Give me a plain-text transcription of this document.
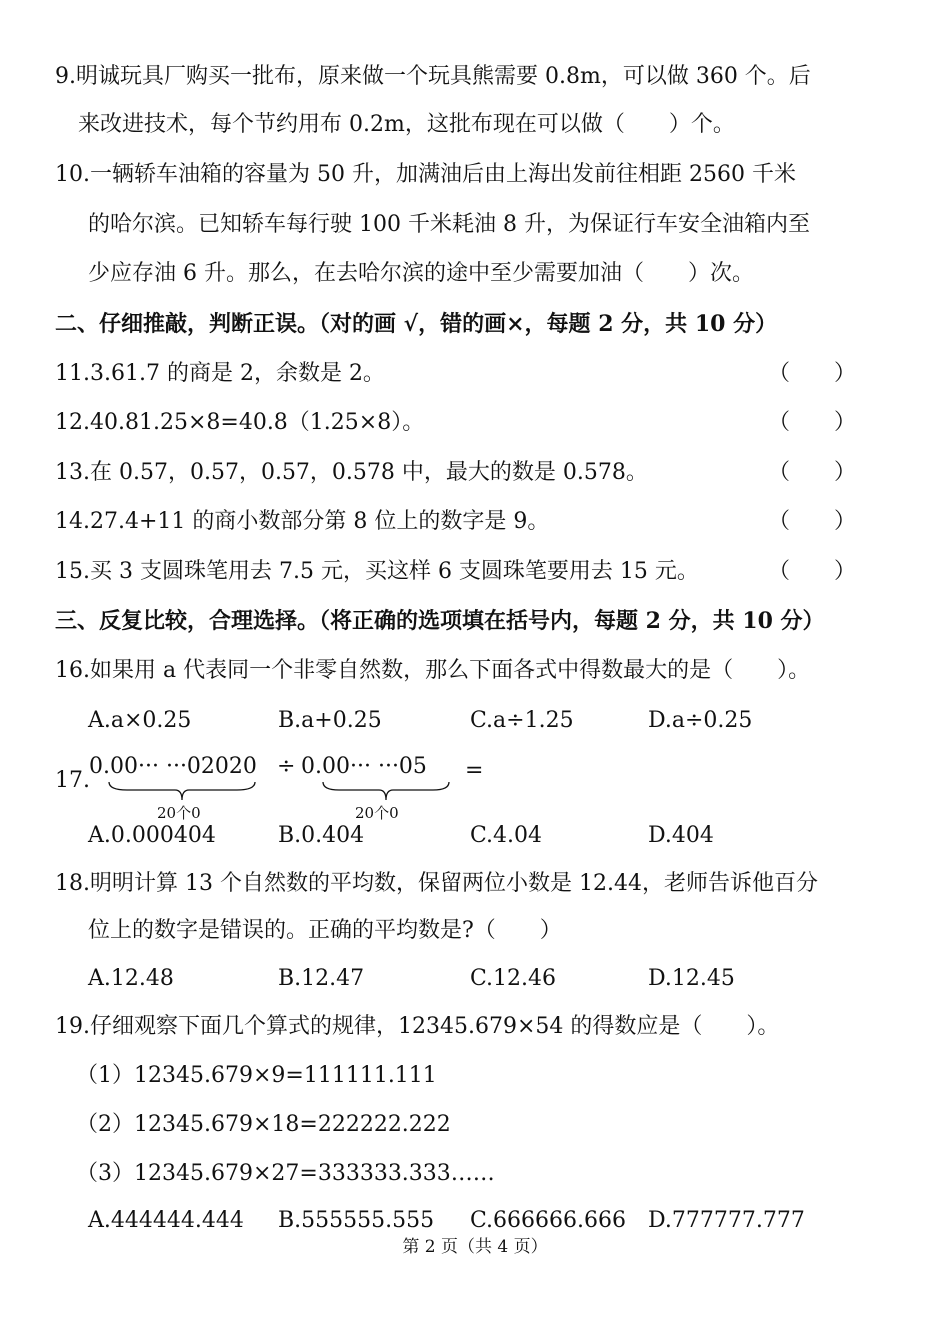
9.明诚玩具厂购买一批布，原来做一个玩具熊需要 0.8m，可以做 360 个。后
来改进技术，每个节约用布 0.2m，这批布现在可以做（　　）个。
10.一辆轿车油箱的容量为 50 升，加满油后由上海出发前往相距 2560 千米
的哈尔滨。已知轿车每行驶 100 千米耗油 8 升，为保证行车安全油箱内至
少应存油 6 升。那么，在去哈尔滨的途中至少需要加油（　　）次。
二、仔细推敲，判断正误。（对的画 √，错的画×，每题 2 分，共 10 分）
11.3.61.7 的商是 2，余数是 2。	（　　）
12.40.81.25×8=40.8（1.25×8）。	（　　）
13.在 0.57，0.57，0.57，0.578 中，最大的数是 0.578。	（　　）
14.27.4+11 的商小数部分第 8 位上的数字是 9。	（　　）
15.买 3 支圆珠笔用去 7.5 元，买这样 6 支圆珠笔要用去 15 元。	（　　）
三、反复比较，合理选择。（将正确的选项填在括号内，每题 2 分，共 10 分）
16.如果用 a 代表同一个非零自然数，那么下面各式中得数最大的是（　　）。
A.a×0.25	B.a+0.25	C.a÷1.25	D.a÷0.25
17.
0.00··· ···02020
20个0
÷ 0.00··· ···05
20个0
=
A.0.000404	B.0.404	C.4.04	D.404
18.明明计算 13 个自然数的平均数，保留两位小数是 12.44，老师告诉他百分
位上的数字是错误的。正确的平均数是?（　　）
A.12.48	B.12.47	C.12.46	D.12.45
19.仔细观察下面几个算式的规律，12345.679×54 的得数应是（　　）。
（1）12345.679×9=111111.111
（2）12345.679×18=222222.222
（3）12345.679×27=333333.333……
A.444444.444 B.555555.555 C.666666.666 D.777777.777
第 2 页（共 4 页）
